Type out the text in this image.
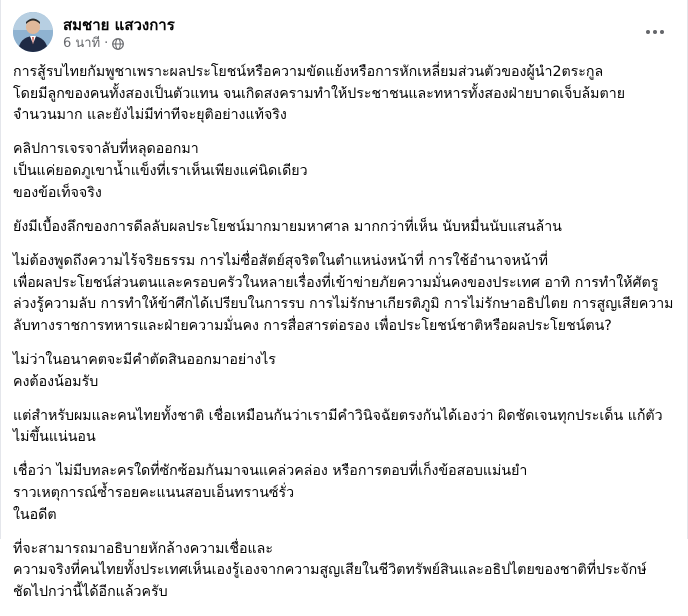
สมชาย แสวงการ
6 นาที ·
การสู้รบไทยกัมพูชาเพราะผลประโยชน์หรือความขัดแย้งหรือการหักเหลี่ยมส่วนตัวของผู้นำ2ตระกูล
โดยมีลูกของคนทั้งสองเป็นตัวแทน จนเกิดสงครามทำให้ประชาชนและทหารทั้งสองฝ่ายบาดเจ็บล้มตาย
จำนวนมาก และยังไม่มีท่าทีจะยุติอย่างแท้จริง
คลิปการเจรจาลับที่หลุดออกมา
เป็นแค่ยอดภูเขาน้ำแข็งที่เราเห็นเพียงแค่นิดเดียว
ของข้อเท็จจริง
ยังมีเบื้องลึกของการดีลลับผลประโยชน์มากมายมหาศาล มากกว่าที่เห็น นับหมื่นนับแสนล้าน
ไม่ต้องพูดถึงความไร้จริยธรรม การไม่ซื่อสัตย์สุจริตในตำแหน่งหน้าที่ การใช้อำนาจหน้าที่
เพื่อผลประโยชน์ส่วนตนและครอบครัวในหลายเรื่องที่เข้าข่ายภัยความมั่นคงของประเทศ อาทิ การทำให้ศัตรู
ล่วงรู้ความลับ การทำให้ข้าศึกได้เปรียบในการรบ การไม่รักษาเกียรติภูมิ การไม่รักษาอธิปไตย การสูญเสียความ
ลับทางราชการทหารและฝ่ายความมั่นคง การสื่อสารต่อรอง เพื่อประโยชน์ชาติหรือผลประโยชน์ตน?
ไม่ว่าในอนาคตจะมีคำตัดสินออกมาอย่างไร
คงต้องน้อมรับ
แต่สำหรับผมและคนไทยทั้งชาติ เชื่อเหมือนกันว่าเรามีคำวินิจฉัยตรงกันได้เองว่า ผิดชัดเจนทุกประเด็น แก้ตัว
ไม่ขึ้นแน่นอน
เชื่อว่า ไม่มีบทละครใดที่ซักซ้อมกันมาจนแคล่วคล่อง หรือการตอบที่เก็งข้อสอบแม่นยำ
ราวเหตุการณ์ซ้ำรอยคะแนนสอบเอ็นทรานซ์รั่ว
ในอดีต
ที่จะสามารถมาอธิบายหักล้างความเชื่อและ
ความจริงที่คนไทยทั้งประเทศเห็นเองรู้เองจากความสูญเสียในชีวิตทรัพย์สินและอธิปไตยของชาติที่ประจักษ์
ชัดไปกว่านี้ได้อีกแล้วครับ
